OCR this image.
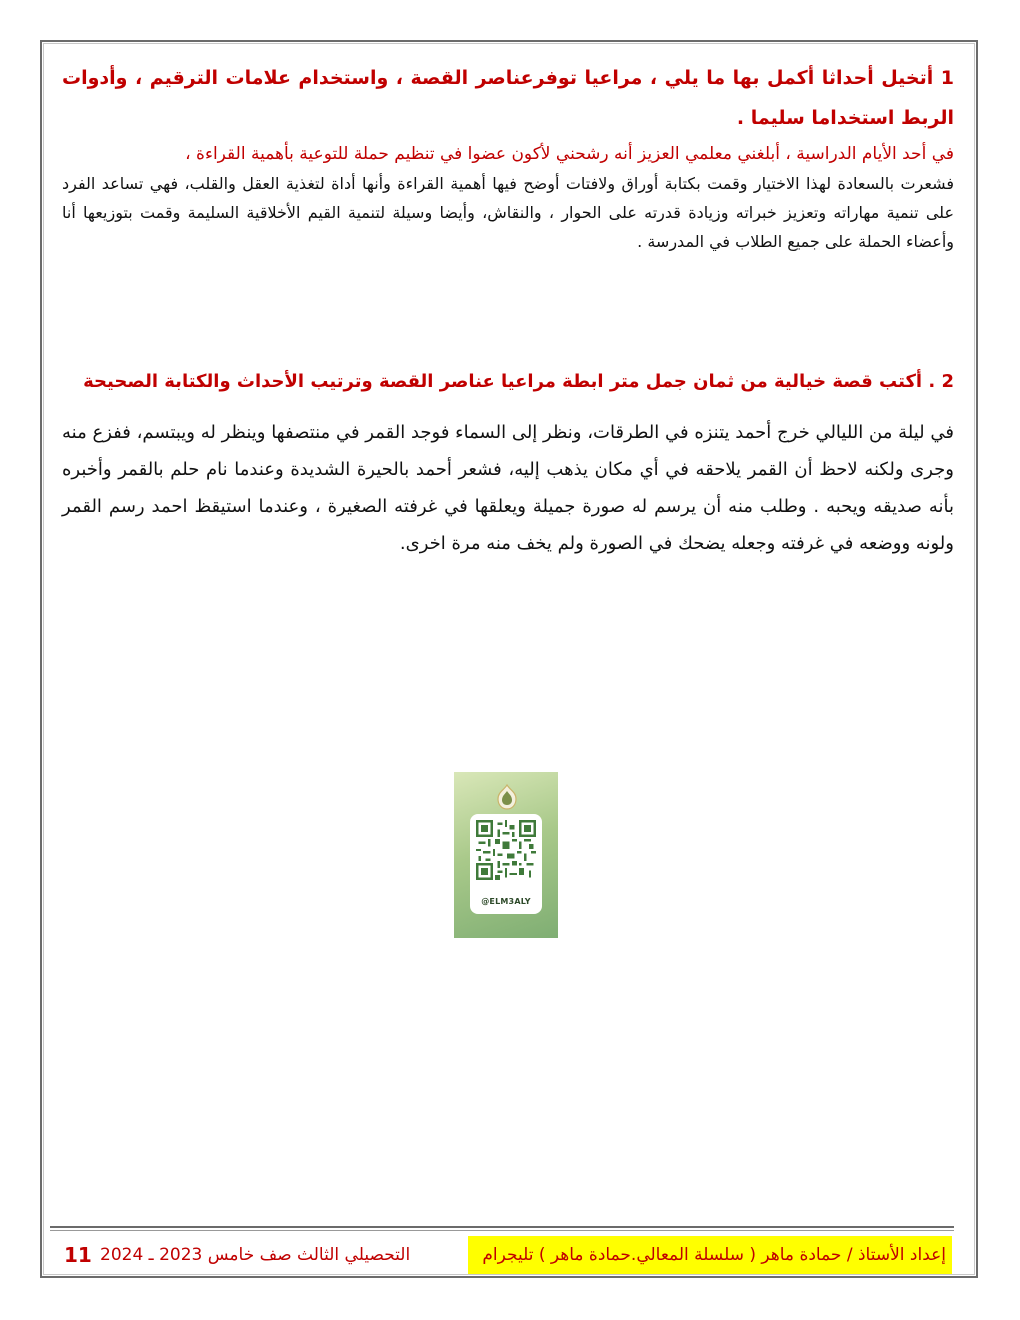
1 أتخيل أحداثا أكمل بها ما يلي ، مراعيا توفرعناصر القصة ، واستخدام علامات الترقيم ، وأدوات الربط استخداما سليما .
في أحد الأيام الدراسية ، أبلغني معلمي العزيز أنه رشحني لأكون عضوا في تنظيم حملة للتوعية بأهمية القراءة ،
فشعرت بالسعادة لهذا الاختيار وقمت بكتابة أوراق ولافتات أوضح فيها أهمية القراءة وأنها أداة لتغذية العقل والقلب، فهي تساعد الفرد على تنمية مهاراته وتعزيز خبراته وزيادة قدرته على الحوار ، والنقاش، وأيضا وسيلة لتنمية القيم الأخلاقية السليمة وقمت بتوزيعها أنا وأعضاء الحملة على جميع الطلاب في المدرسة .
2 . أكتب قصة خيالية من ثمان جمل متر ابطة مراعيا عناصر القصة وترتيب الأحداث والكتابة الصحيحة
في ليلة من الليالي خرج أحمد يتنزه في الطرقات، ونظر إلى السماء فوجد القمر في منتصفها وينظر له ويبتسم، ففزع منه وجرى ولكنه لاحظ أن القمر يلاحقه في أي مكان يذهب إليه، فشعر أحمد بالحيرة الشديدة وعندما نام حلم بالقمر وأخبره بأنه صديقه ويحبه . وطلب منه أن يرسم له صورة جميلة ويعلقها في غرفته الصغيرة ، وعندما استيقظ احمد رسم القمر ولونه ووضعه في غرفته وجعله يضحك في الصورة ولم يخف منه مرة اخرى.
@ELM3ALY
إعداد الأستاذ / حمادة ماهر ( سلسلة المعالي.حمادة ماهر ) تليجرام
التحصيلي الثالث صف خامس 2023 ـ 2024
11
